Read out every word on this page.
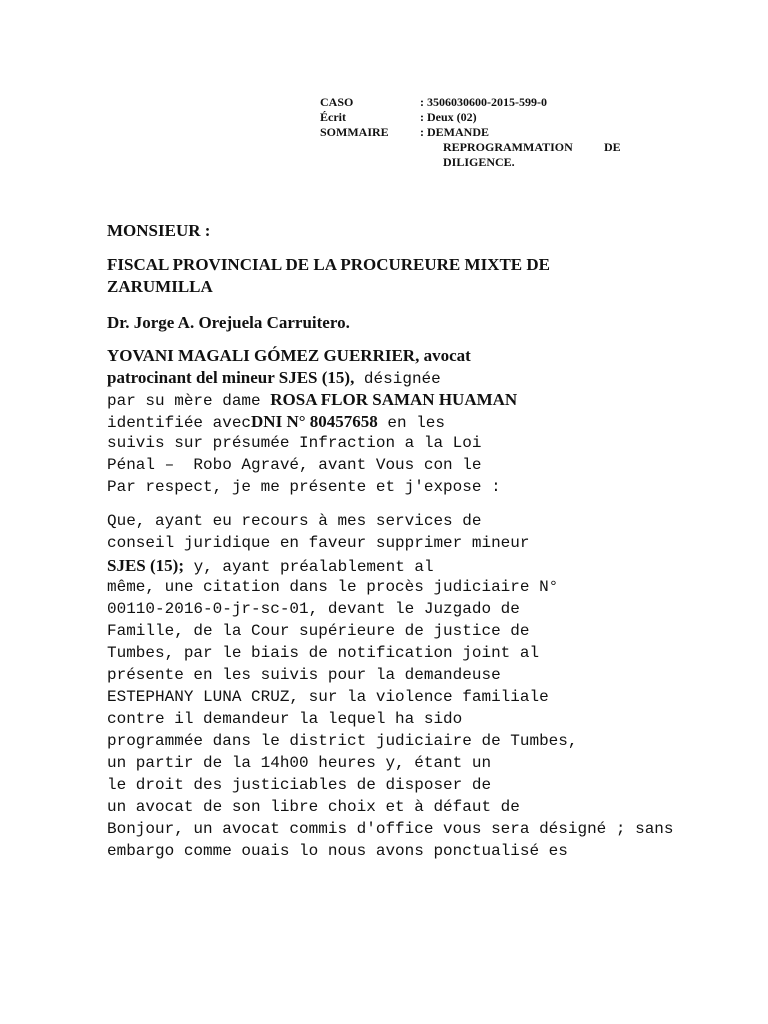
CASO	: 3506030600-2015-599-0
Écrit	: Deux (02)
SOMMAIRE	: DEMANDE
REPROGRAMMATION	DE
DILIGENCE.
MONSIEUR :
FISCAL PROVINCIAL DE LA PROCUREURE MIXTE DE
ZARUMILLA
Dr. Jorge A. Orejuela Carruitero.
YOVANI MAGALI GÓMEZ GUERRIER, avocat
patrocinant del mineur SJES (15), désignée
par su mère dame ROSA FLOR SAMAN HUAMAN
identifiée avecDNI N° 80457658 en les
suivis sur présumée Infraction a la Loi
Pénal –  Robo Agravé, avant Vous con le
Par respect, je me présente et j'expose :
Que, ayant eu recours à mes services de
conseil juridique en faveur supprimer mineur
SJES (15); y, ayant préalablement al
même, une citation dans le procès judiciaire N°
00110-2016-0-jr-sc-01, devant le Juzgado de
Famille, de la Cour supérieure de justice de
Tumbes, par le biais de notification joint al
présente en les suivis pour la demandeuse
ESTEPHANY LUNA CRUZ, sur la violence familiale
contre il demandeur la lequel ha sido
programmée dans le district judiciaire de Tumbes,
un partir de la 14h00 heures y, étant un
le droit des justiciables de disposer de
un avocat de son libre choix et à défaut de
Bonjour, un avocat commis d'office vous sera désigné ; sans
embargo comme ouais lo nous avons ponctualisé es
